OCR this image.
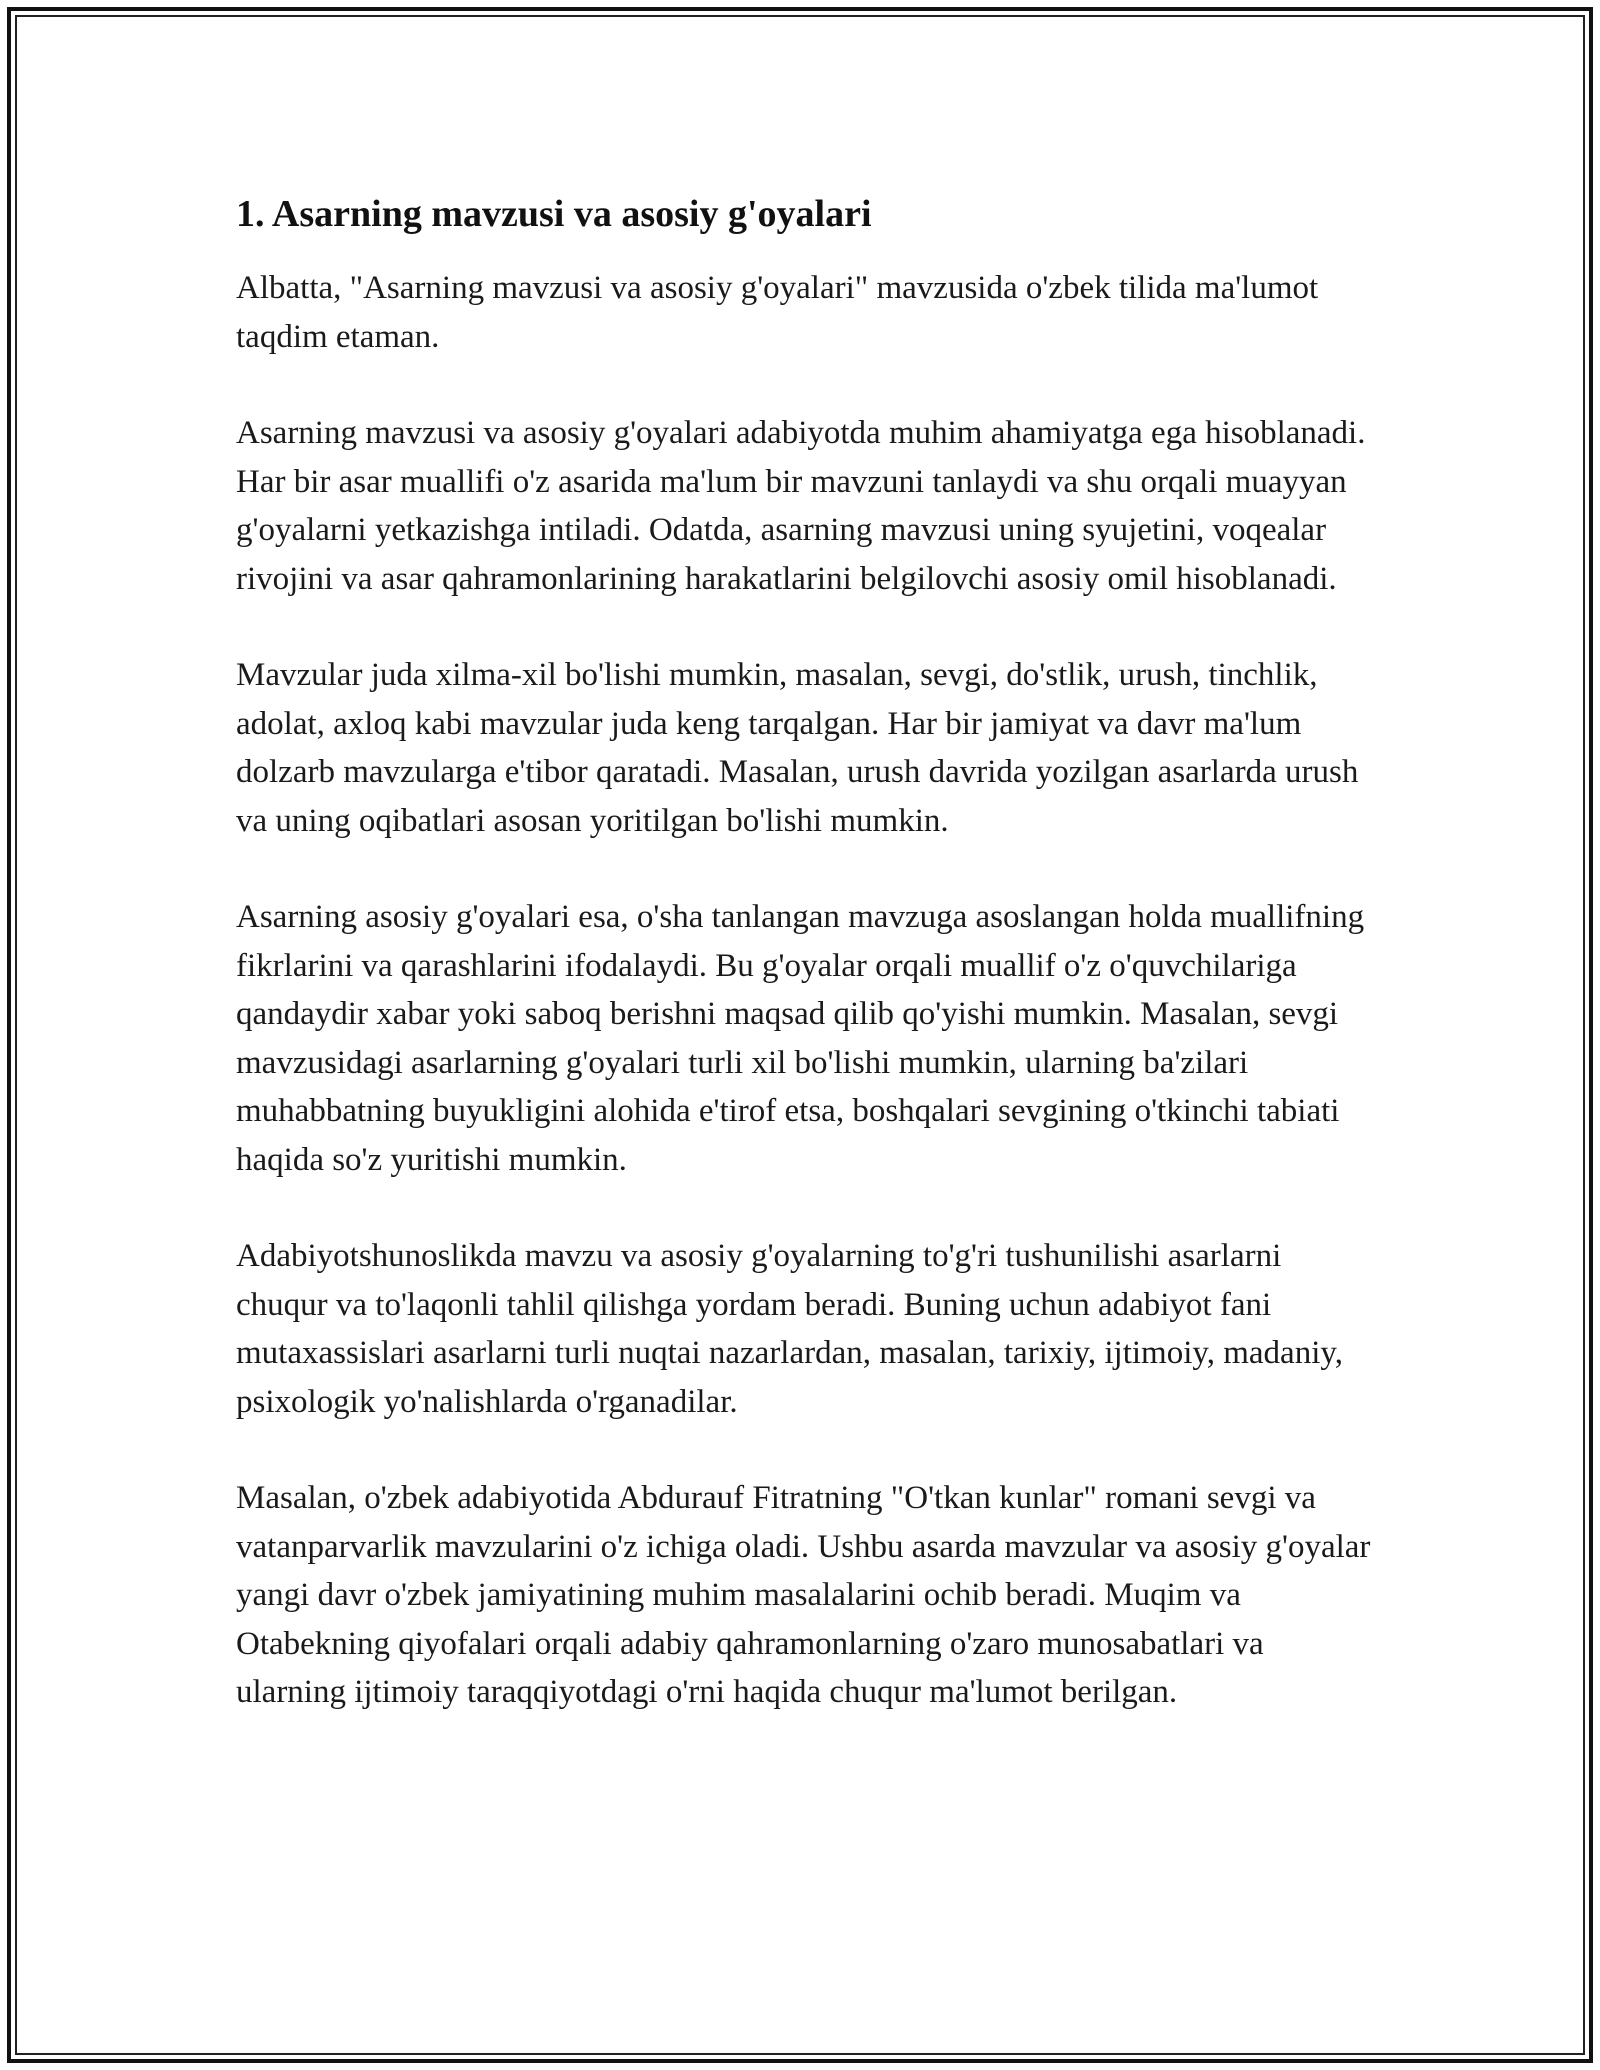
1. Asarning mavzusi va asosiy g'oyalari

Albatta, "Asarning mavzusi va asosiy g'oyalari" mavzusida o'zbek tilida ma'lumot taqdim etaman.

Asarning mavzusi va asosiy g'oyalari adabiyotda muhim ahamiyatga ega hisoblanadi. Har bir asar muallifi o'z asarida ma'lum bir mavzuni tanlaydi va shu orqali muayyan g'oyalarni yetkazishga intiladi. Odatda, asarning mavzusi uning syujetini, voqealar rivojini va asar qahramonlarining harakatlarini belgilovchi asosiy omil hisoblanadi.

Mavzular juda xilma-xil bo'lishi mumkin, masalan, sevgi, do'stlik, urush, tinchlik, adolat, axloq kabi mavzular juda keng tarqalgan. Har bir jamiyat va davr ma'lum dolzarb mavzularga e'tibor qaratadi. Masalan, urush davrida yozilgan asarlarda urush va uning oqibatlari asosan yoritilgan bo'lishi mumkin.

Asarning asosiy g'oyalari esa, o'sha tanlangan mavzuga asoslangan holda muallifning fikrlarini va qarashlarini ifodalaydi. Bu g'oyalar orqali muallif o'z o'quvchilariga qandaydir xabar yoki saboq berishni maqsad qilib qo'yishi mumkin. Masalan, sevgi mavzusidagi asarlarning g'oyalari turli xil bo'lishi mumkin, ularning ba'zilari muhabbatning buyukligini alohida e'tirof etsa, boshqalari sevgining o'tkinchi tabiati haqida so'z yuritishi mumkin.

Adabiyotshunoslikda mavzu va asosiy g'oyalarning to'g'ri tushunilishi asarlarni chuqur va to'laqonli tahlil qilishga yordam beradi. Buning uchun adabiyot fani mutaxassislari asarlarni turli nuqtai nazarlardan, masalan, tarixiy, ijtimoiy, madaniy, psixologik yo'nalishlarda o'rganadilar.

Masalan, o'zbek adabiyotida Abdurauf Fitratning "O'tkan kunlar" romani sevgi va vatanparvarlik mavzularini o'z ichiga oladi. Ushbu asarda mavzular va asosiy g'oyalar yangi davr o'zbek jamiyatining muhim masalalarini ochib beradi. Muqim va Otabekning qiyofalari orqali adabiy qahramonlarning o'zaro munosabatlari va ularning ijtimoiy taraqqiyotdagi o'rni haqida chuqur ma'lumot berilgan.
